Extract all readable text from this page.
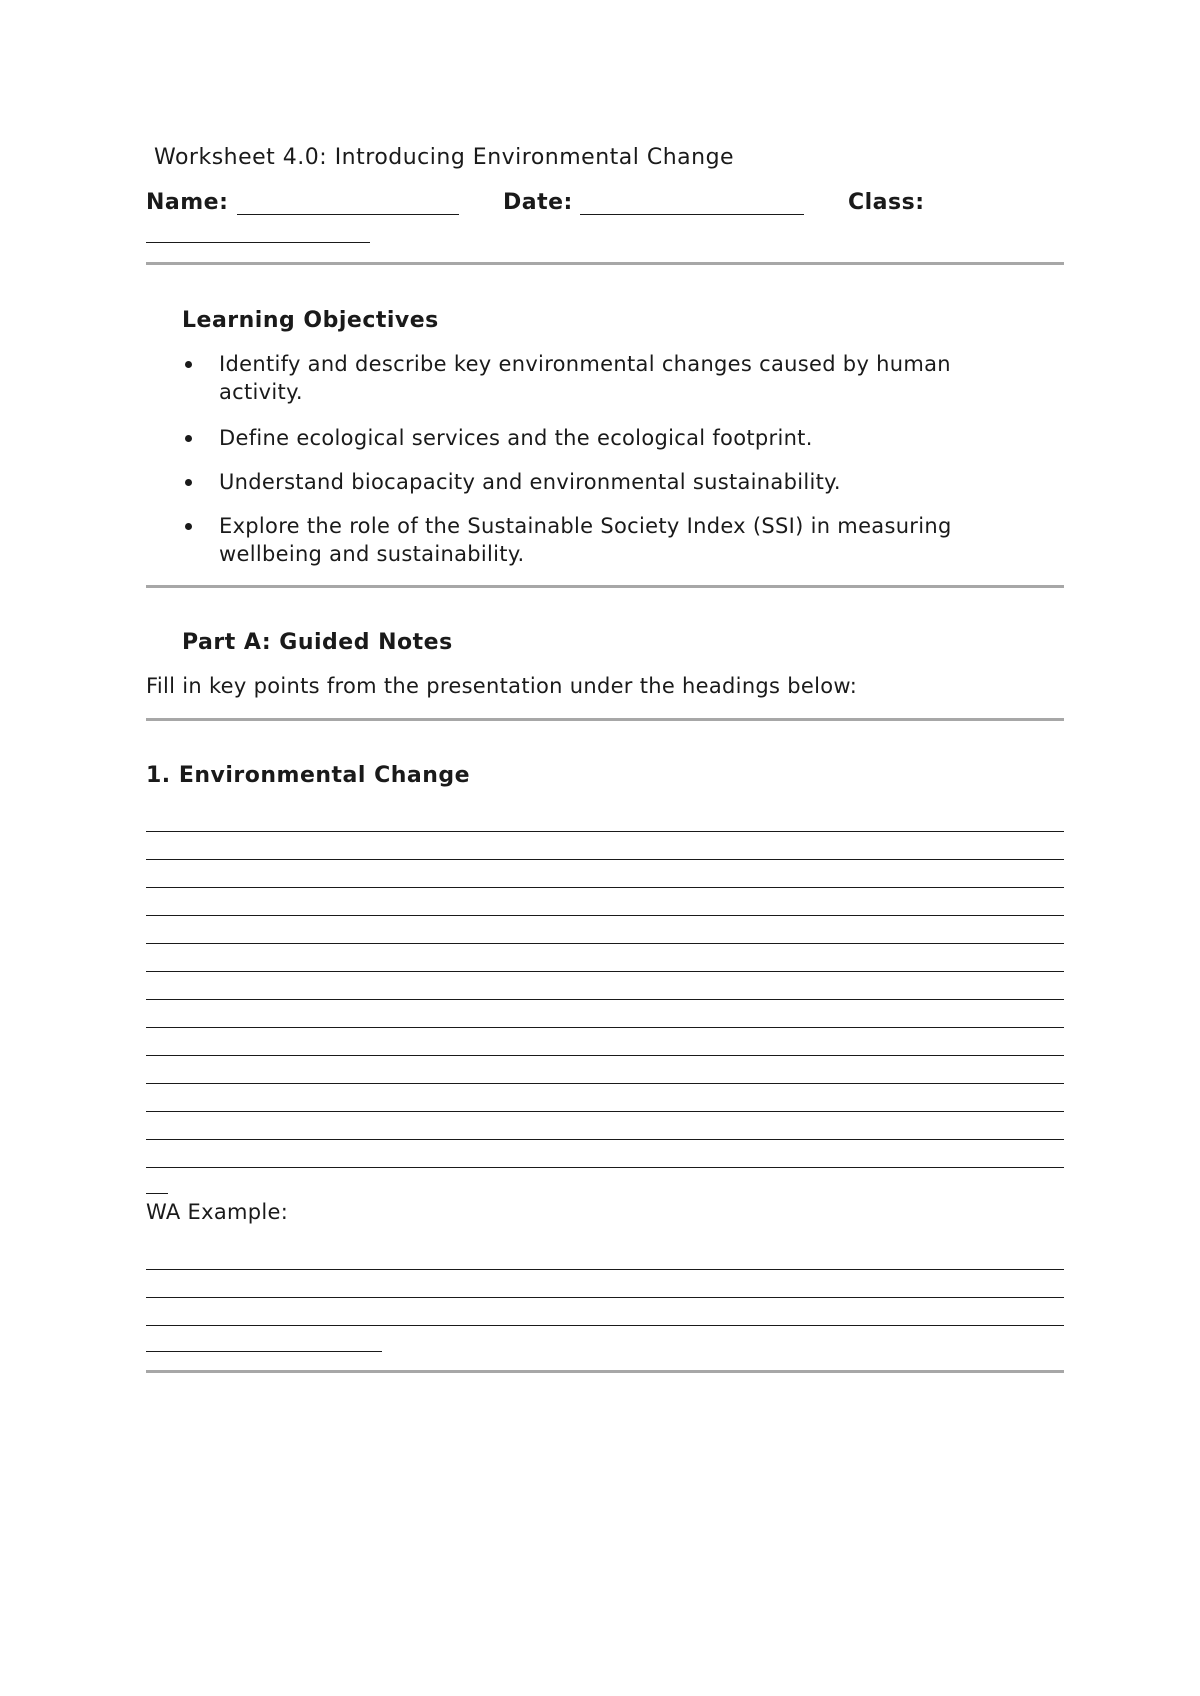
Worksheet 4.0: Introducing Environmental Change
Name:	Date:	Class:
Learning Objectives
Identify and describe key environmental changes caused by human activity.
Define ecological services and the ecological footprint.
Understand biocapacity and environmental sustainability.
Explore the role of the Sustainable Society Index (SSI) in measuring wellbeing and sustainability.
Part A: Guided Notes
Fill in key points from the presentation under the headings below:
1. Environmental Change
WA Example:
